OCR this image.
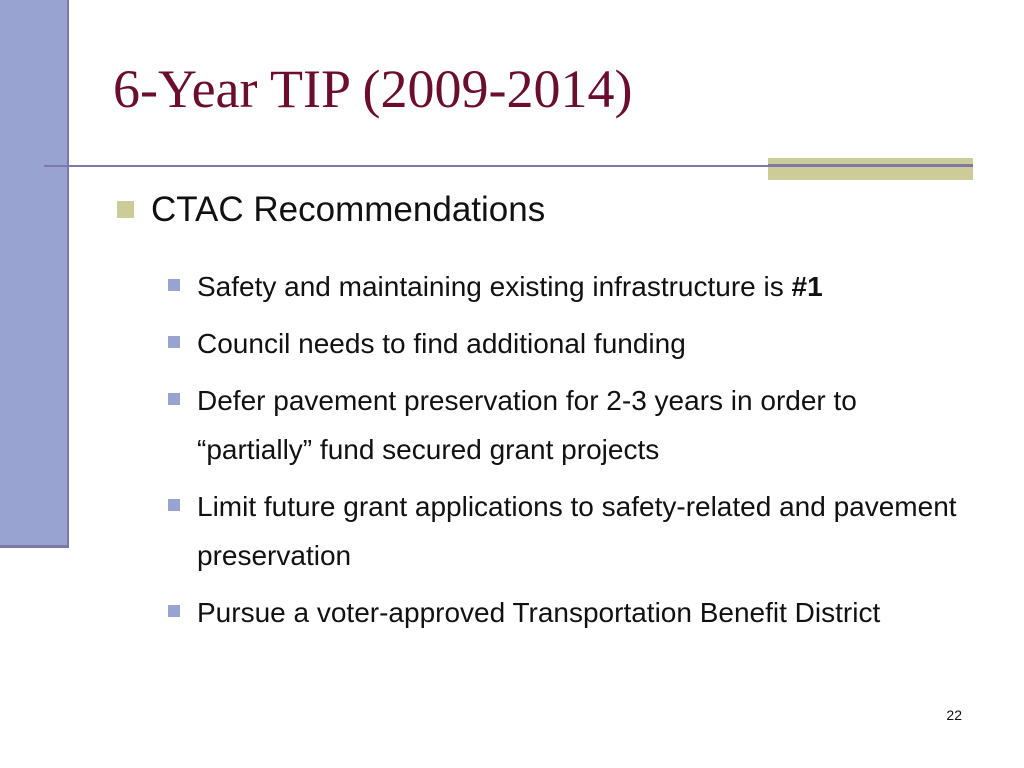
6-Year TIP (2009-2014)
CTAC Recommendations
Safety and maintaining existing infrastructure is #1
Council needs to find additional funding
Defer pavement preservation for 2-3 years in order to “partially” fund secured grant projects
Limit future grant applications to safety-related and pavement preservation
Pursue a voter-approved Transportation Benefit District
22
